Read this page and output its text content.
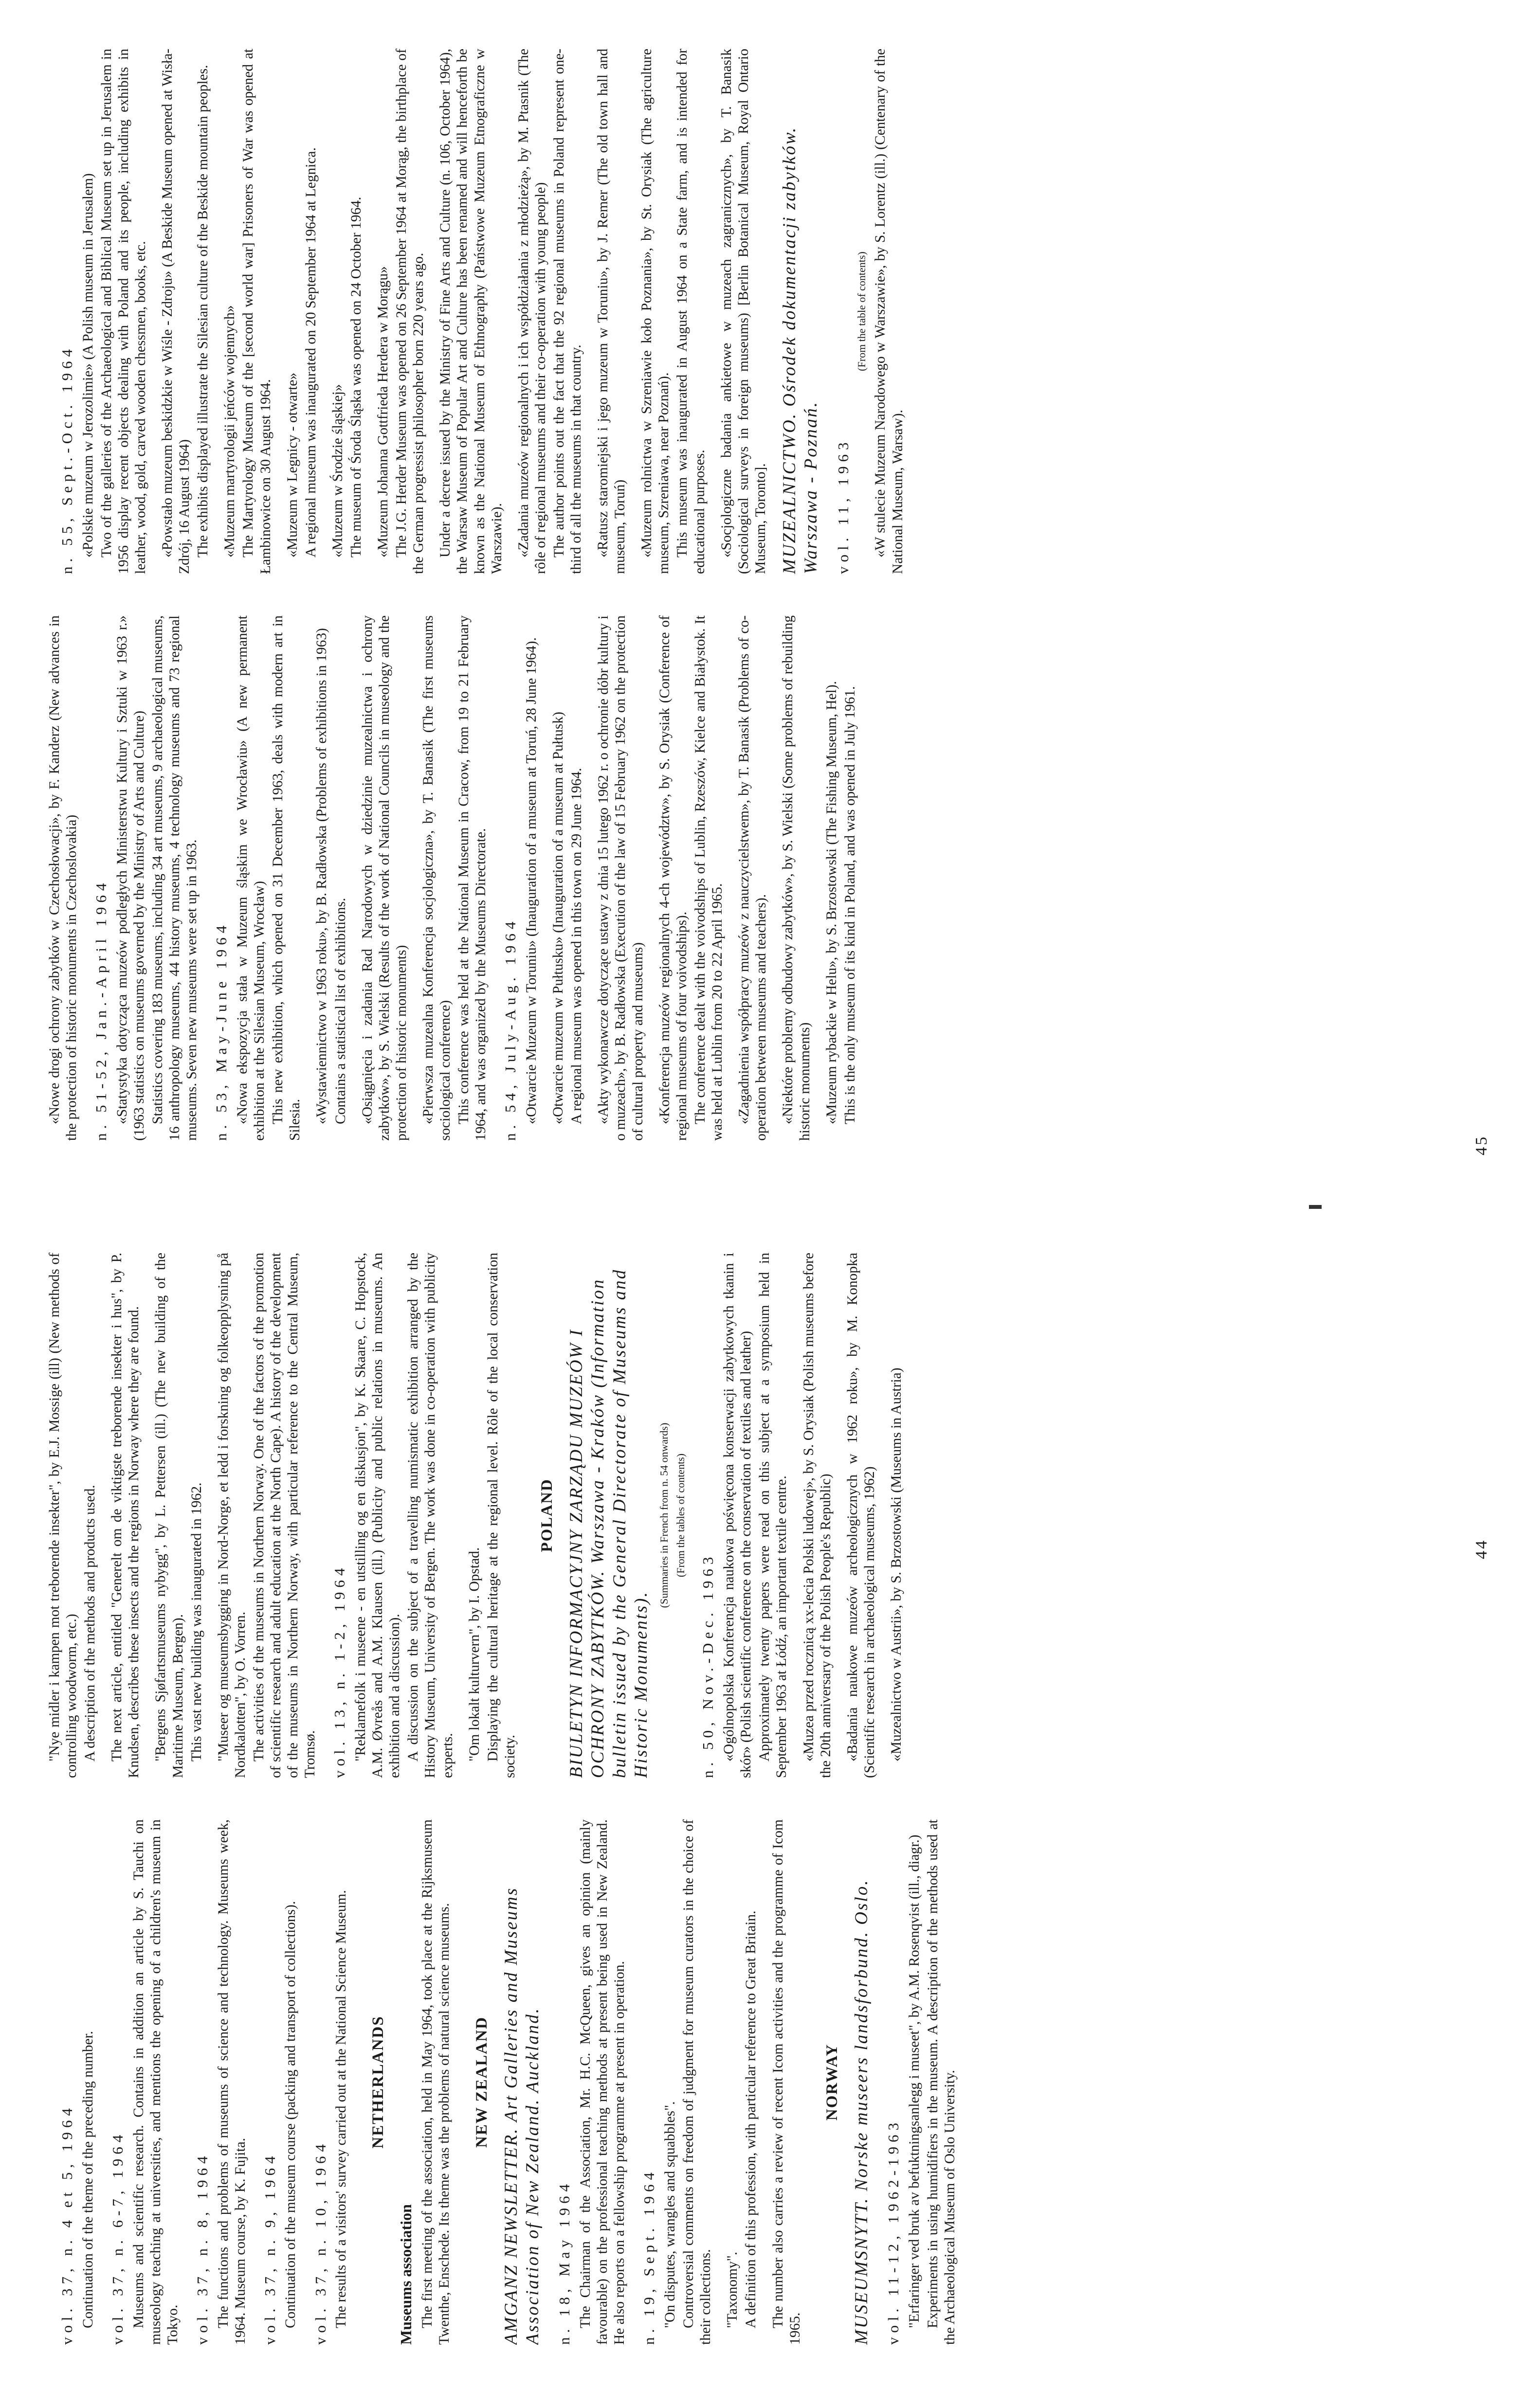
vol. 37, n. 4 et 5, 1964 Continuation of the theme of the preceding number. vol. 37, n. 6-7, 1964 Museums and scientific research. Contains in addition an article by S. Tauchi on museology teaching at universities, and mentions the opening of a children's museum in Tokyo. vol. 37, n. 8, 1964 The functions and problems of museums of science and technology. Museums week, 1964. Museum course, by K. Fujita. vol. 37, n. 9, 1964 Continuation of the museum course (packing and transport of collections). vol. 37, n. 10, 1964 The results of a visitors' survey carried out at the National Science Museum. NETHERLANDS
Museums association The first meeting of the association, held in May 1964, took place at the Rijksmuseum Twenthe, Enschede. Its theme was the problems of natural science museums. NEW ZEALAND AMGANZ NEWSLETTER. Art Galleries and Museums Association of New Zealand. Auckland. n. 18, May 1964 The Chairman of the Association, Mr. H.C. McQueen, gives an opinion (mainly favourable) on the professional teaching methods at present being used in New Zealand. He also reports on a fellowship programme at present in operation. n. 19, Sept. 1964 "On disputes, wrangles and squabbles". Controversial comments on freedom of judgment for museum curators in the choice of their collections. "Taxonomy". A definition of this profession, with particular reference to Great Britain. The number also carries a review of recent Icom activities and the programme of Icom 1965.

NORWAY MUSEUMSNYTT. Norske museers landsforbund. Oslo. vol. 11-12, 1962-1963 "Erfaringer ved bruk av befuktningsanlegg i museet", by A.M. Rosenqvist (ill., diagr.) Experiments in using humidifiers in the museum. A description of the methods used at the Archaeological Museum of Oslo University.

"Nye midler i kampen mot treborende insekter", by E.J. Mossige (ill) (New methods of controlling woodworm, etc.) A description of the methods and products used. The next article, entitled "Generelt om de viktigste treborende insekter i hus", by P. Knudsen, describes these insects and the regions in Norway where they are found. "Bergens Sjøfartsmuseums nybygg", by L. Pettersen (ill.) (The new building of the Maritime Museum, Bergen). This vast new building was inaugurated in 1962. "Museer og museumsbygging in Nord-Norge, et ledd i forskning og folkeopplysning på Nordkalotten", by O. Vorren. The activities of the museums in Northern Norway. One of the factors of the promotion of scientific research and adult education at the North Cape). A history of the development of the museums in Northern Norway, with particular reference to the Central Museum, Tromsø. vol. 13, n. 1-2, 1964 "Reklamefolk i museene - en utstilling og en diskusjon", by K. Skaare, C. Hopstock, A.M. Øvreås and A.M. Klausen (ill.) (Publicity and public relations in museums. An exhibition and a discussion). A discussion on the subject of a travelling numismatic exhibition arranged by the History Museum, University of Bergen. The work was done in co-operation with publicity experts. "Om lokalt kulturvern", by I. Opstad. Displaying the cultural heritage at the regional level. Rôle of the local conservation society.

POLAND BIULETYN INFORMACYJNY ZARZĄDU MUZEÓW I OCHRONY ZABYTKÓW. Warszawa - Kraków (Information bulletin issued by the General Directorate of Museums and Historic Monuments).
(Summaries in French from n. 54 onwards) (From the tables of contents)
n. 50, Nov.-Dec. 1963 «Ogólnopolska Konferencja naukowa poświęcona konserwacji zabytkowych tkanin i skór» (Polish scientific conference on the conservation of textiles and leather) Approximately twenty papers were read on this subject at a symposium held in September 1963 at Łódź, an important textile centre. «Muzea przed rocznicą xx-lecia Polski ludowej», by S. Orysiak (Polish museums before the 20th anniversary of the Polish People's Republic) «Badania naukowe muzeów archeologicznych w 1962 roku», by M. Konopka (Scientific research in archaeological museums, 1962) «Muzealnictwo w Austrii», by S. Brzostowski (Museums in Austria)	44

«Nowe drogi ochrony zabytków w Czechosłowacji», by F. Kanderz (New advances in the protection of historic monuments in Czechoslovakia) n. 51-52, Jan.-April 1964 «Statystyka dotycząca muzeów podległych Ministerstwu Kultury i Sztuki w 1963 r.» (1963 statistics on museums governed by the Ministry of Arts and Culture) Statistics covering 183 museums, including 34 art museums, 9 archaeological museums, 16 anthropology museums, 44 history museums, 4 technology museums and 73 regional museums. Seven new museums were set up in 1963. n. 53, May-June 1964 «Nowa ekspozycja stała w Muzeum śląskim we Wrocławiu» (A new permanent exhibition at the Silesian Museum, Wrocław) This new exhibition, which opened on 31 December 1963, deals with modern art in Silesia. «Wystawiennictwo w 1963 roku», by B. Radłowska (Problems of exhibitions in 1963) Contains a statistical list of exhibitions. «Osiągnięcia i zadania Rad Narodowych w dziedzinie muzealnictwa i ochrony zabytków», by S. Wielski (Results of the work of National Councils in museology and the protection of historic monuments) «Pierwsza muzealna Konferencja socjologiczna», by T. Banasik (The first museums sociological conference) This conference was held at the National Museum in Cracow, from 19 to 21 February 1964, and was organized by the Museums Directorate. n. 54, July-Aug. 1964 «Otwarcie Muzeum w Toruniu» (Inauguration of a museum at Toruń, 28 June 1964). «Otwarcie muzeum w Pułtusku» (Inauguration of a museum at Pułtusk) A regional museum was opened in this town on 29 June 1964. «Akty wykonawcze dotyczące ustawy z dnia 15 lutego 1962 r. o ochronie dóbr kultury i o muzeach», by B. Radłowska (Execution of the law of 15 February 1962 on the protection of cultural property and museums) «Konferencja muzeów regionalnych 4-ch województw», by S. Orysiak (Conference of regional museums of four voivodships). The conference dealt with the voivodships of Lublin, Rzeszów, Kielce and Białystok. It was held at Lublin from 20 to 22 April 1965. «Zagadnienia współpracy muzeów z nauczycielstwem», by T. Banasik (Problems of co-operation between museums and teachers). «Niektóre problemy odbudowy zabytków», by S. Wielski (Some problems of rebuilding historic monuments) «Muzeum rybackie w Helu», by S. Brzostowski (The Fishing Museum, Hel). This is the only museum of its kind in Poland, and was opened in July 1961.

n. 55, Sept.-Oct. 1964 «Polskie muzeum w Jerozolimie» (A Polish museum in Jerusalem) Two of the galleries of the Archaeological and Biblical Museum set up in Jerusalem in 1956 display recent objects dealing with Poland and its people, including exhibits in leather, wood, gold, carved wooden chessmen, books, etc. «Powstało muzeum beskidzkie w Wiśle - Zdroju» (A Beskide Museum opened at Wisła-Zdrój, 16 August 1964) The exhibits displayed illustrate the Silesian culture of the Beskide mountain peoples. «Muzeum martyrologii jeńców wojennych» The Martyrology Museum of the [second world war] Prisoners of War was opened at Łambinowice on 30 August 1964. «Muzeum w Legnicy - otwarte» A regional museum was inaugurated on 20 September 1964 at Legnica. «Muzeum w Środzie śląskiej» The museum of Środa Śląska was opened on 24 October 1964. «Muzeum Johanna Gottfrieda Herdera w Morągu» The J.G. Herder Museum was opened on 26 September 1964 at Morąg, the birthplace of the German progressist philosopher born 220 years ago. Under a decree issued by the Ministry of Fine Arts and Culture (n. 106, October 1964), the Warsaw Museum of Popular Art and Culture has been renamed and will henceforth be known as the National Museum of Ethnography (Państwowe Muzeum Etnograficzne w Warszawie). «Zadania muzeów regionalnych i ich współdziałania z młodzieżą», by M. Ptasnik (The rôle of regional museums and their co-operation with young people) The author points out the fact that the 92 regional museums in Poland represent one-third of all the museums in that country. «Ratusz staromiejski i jego muzeum w Toruniu», by J. Remer (The old town hall and museum, Toruń) «Muzeum rolnictwa w Szreniawie koło Poznania», by St. Orysiak (The agriculture museum, Szreniawa, near Poznań). This museum was inaugurated in August 1964 on a State farm, and is intended for educational purposes. «Socjologiczne badania ankietowe w muzeach zagranicznych», by T. Banasik (Sociological surveys in foreign museums) [Berlin Botanical Museum, Royal Ontario Museum, Toronto]. MUZEALNICTWO. Ośrodek dokumentacji zabytków. Warszawa - Poznań. vol. 11, 1963
(From the table of contents) «W stulecie Muzeum Narodowego w Warszawie», by S. Lorentz (ill.) (Centenary of the National Museum, Warsaw).

45
